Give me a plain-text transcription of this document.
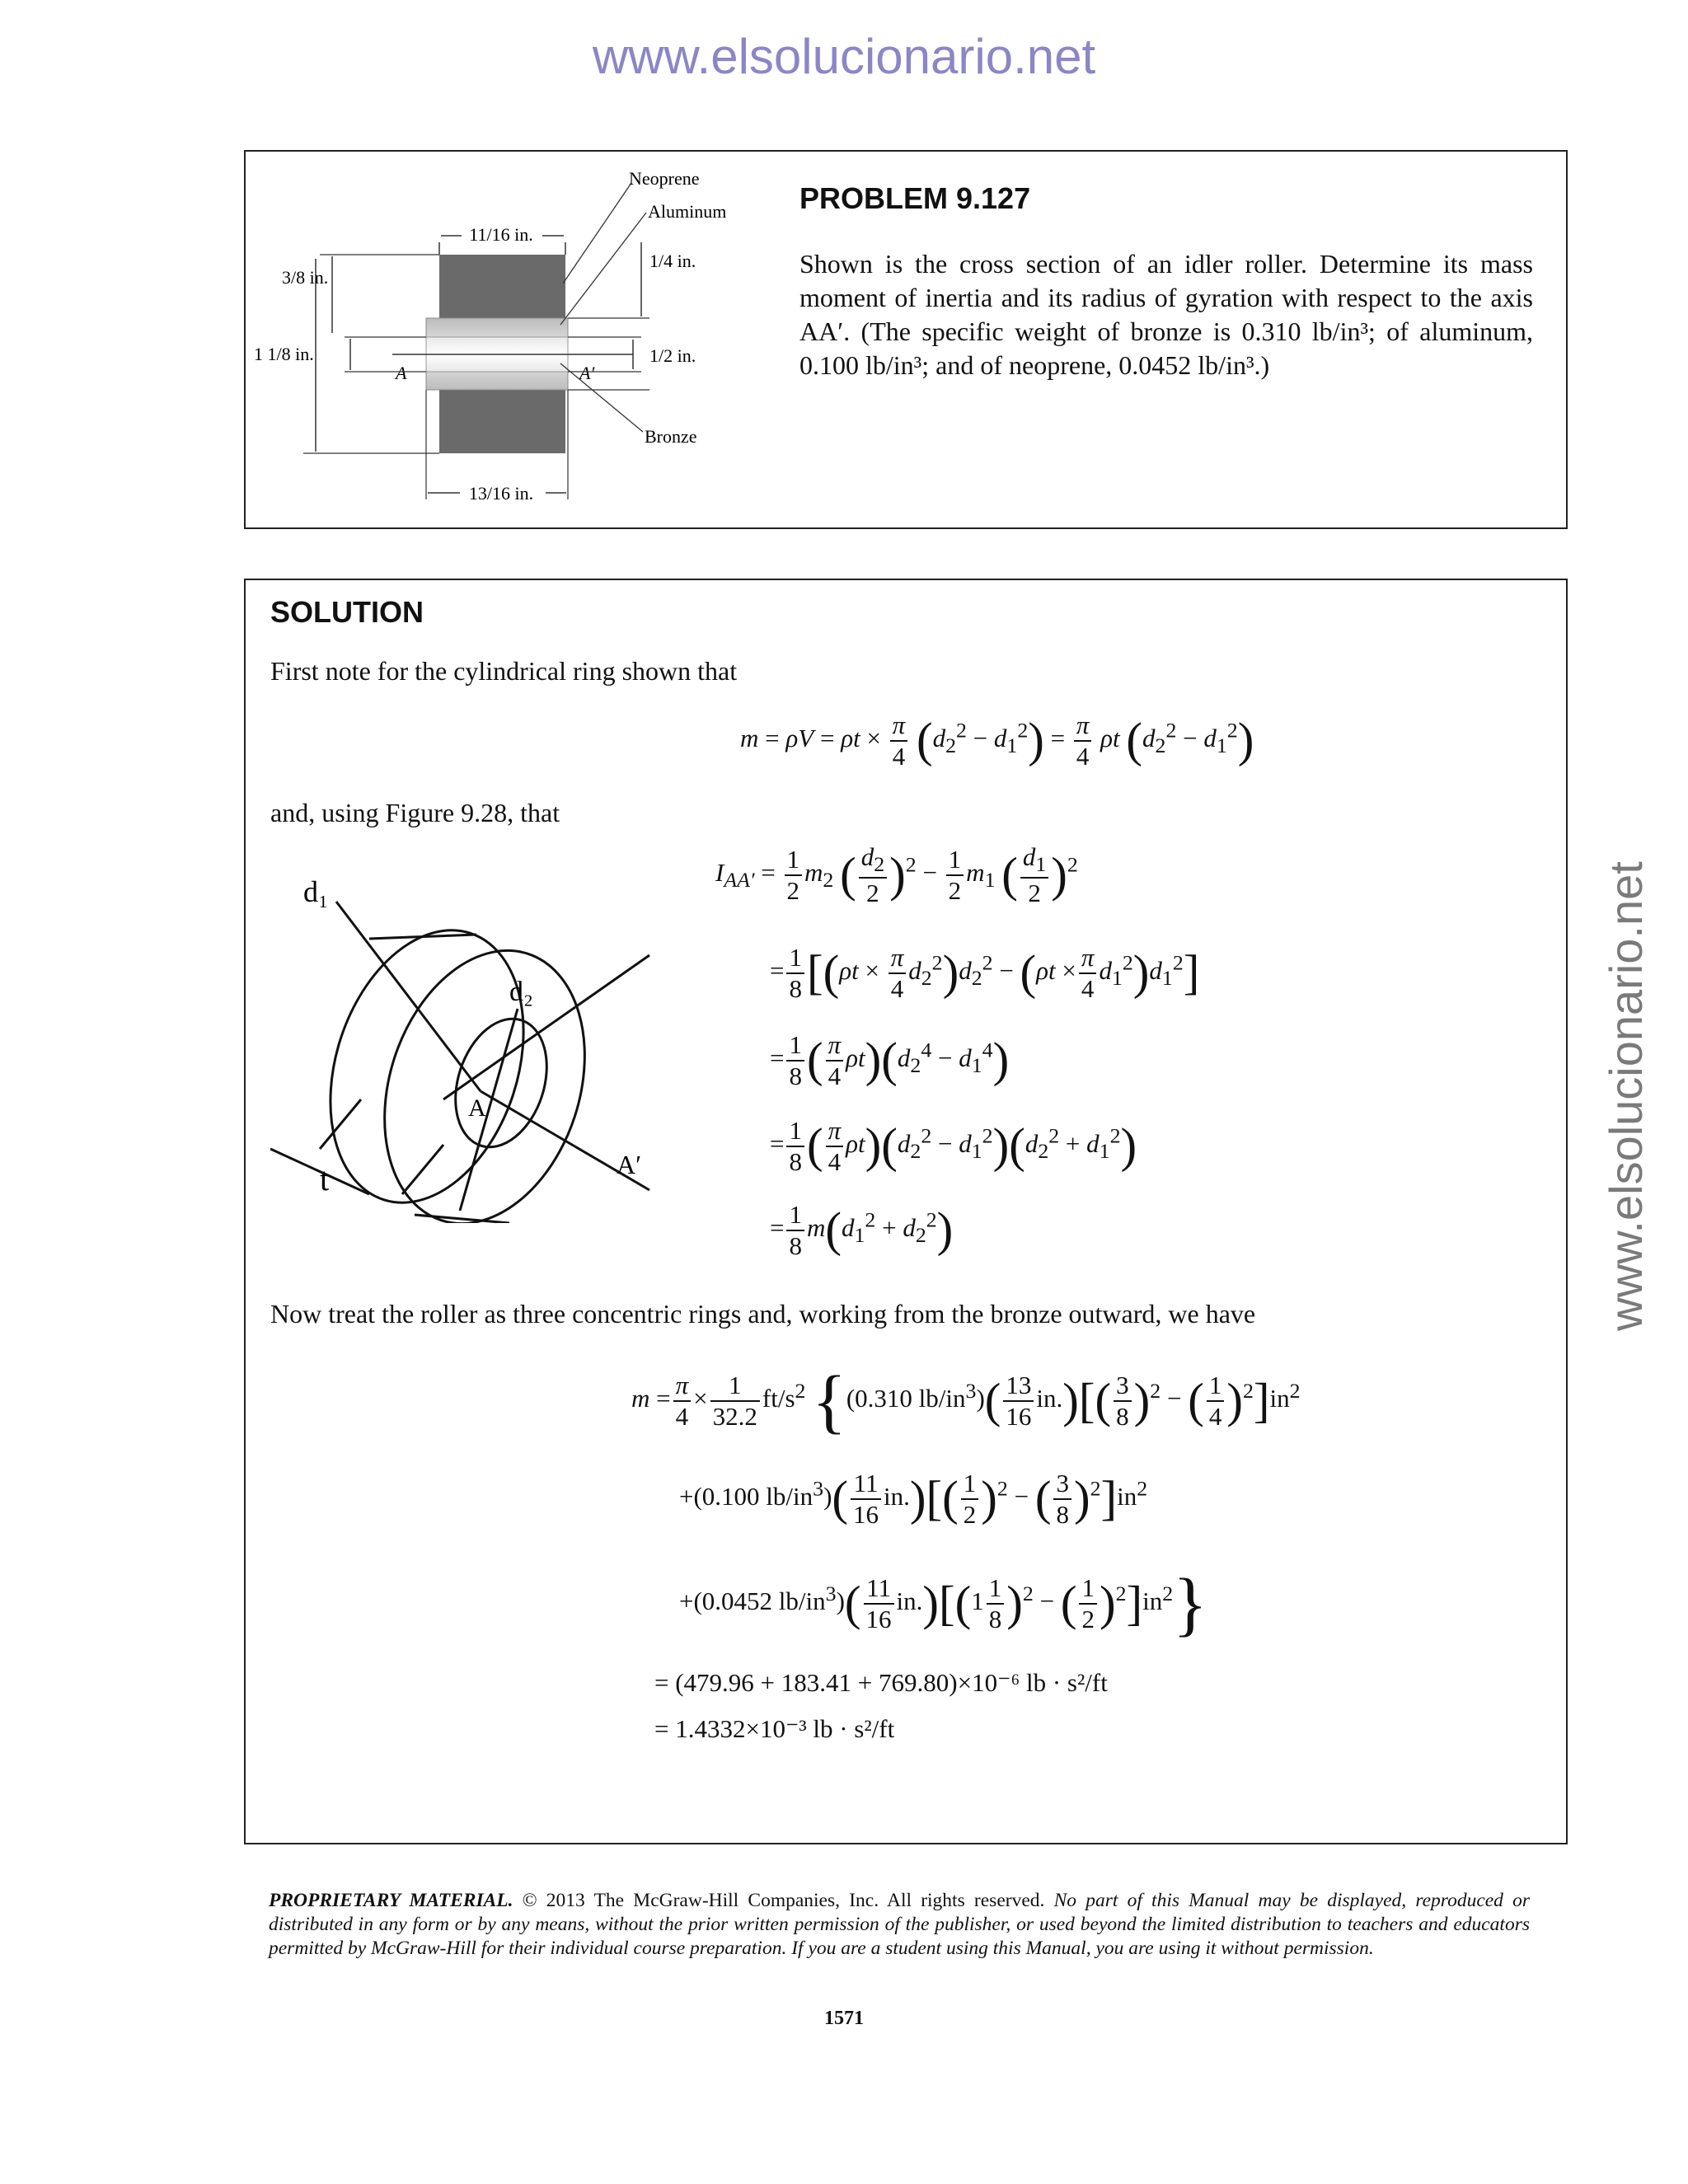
www.elsolucionario.net
www.elsolucionario.net
A	A′
11/16 in.
13/16 in.
3/8 in.
1 1/8 in.
1/4 in.
1/2 in.
Neoprene
Aluminum
Bronze
PROBLEM 9.127
Shown is the cross section of an idler roller. Determine its mass moment of inertia and its radius of gyration with respect to the axis AA′. (The specific weight of bronze is 0.310 lb/in³; of aluminum, 0.100 lb/in³; and of neoprene, 0.0452 lb/in³.)
SOLUTION
First note for the cylindrical ring shown that
$m = \rho V = \rho t \times \frac{\pi}{4} (d_2^2 - d_1^2) = \frac{\pi}{4}$ ρt $(d_2^2 - d_1^2)$
and, using Figure 9.28, that
d₁
d₂
A
A′
t
$I_{AA'} = \frac{1}{2} m_2$ ( $\frac{d_2}{2} )^2 - \frac{1}{2} m_1$ ( $\frac{d_1}{2} )^2$
= $\frac{1}{8} [(\rho t \times \frac{\pi}{4} d_2^2)d_2^2 - (\rho t \times \frac{\pi}{4} d_1^2)d_1^2]$
= $\frac{1}{8}$ ( $\frac{\pi}{4} \rho t)(d_2^4 - d_1^4)$
= $\frac{1}{8}$ ( $\frac{\pi}{4} \rho t)(d_2^2 - d_1^2)(d_2^2 + d_1^2)$
= $\frac{1}{8} m(d_1^2 + d_2^2)$
Now treat the roller as three concentric rings and, working from the bronze outward, we have
$m = \frac{\pi}{4} \times \frac{1}{32.2} ft/s^2$ {(0.310 $lb/in^3)( \frac{13}{16} in.)[( \frac{3}{8} )^2$ − ( $\frac{1}{4} )^2]in^2$
+(0.100 $lb/in^3)( \frac{11}{16} in.)[( \frac{1}{2} )^2$ − ( $\frac{3}{8} )^2]in^2$
+(0.0452 $lb/in^3)( \frac{11}{16} in.)[(1 \frac{1}{8} )^2$ − ( $\frac{1}{2} )^2]in^2$}
= (479.96 + 183.41 + 769.80)×10⁻⁶ lb · s²/ft
= 1.4332×10⁻³ lb · s²/ft
PROPRIETARY MATERIAL. © 2013 The McGraw-Hill Companies, Inc. All rights reserved. No part of this Manual may be displayed, reproduced or distributed in any form or by any means, without the prior written permission of the publisher, or used beyond the limited distribution to teachers and educators permitted by McGraw-Hill for their individual course preparation. If you are a student using this Manual, you are using it without permission.
1571
